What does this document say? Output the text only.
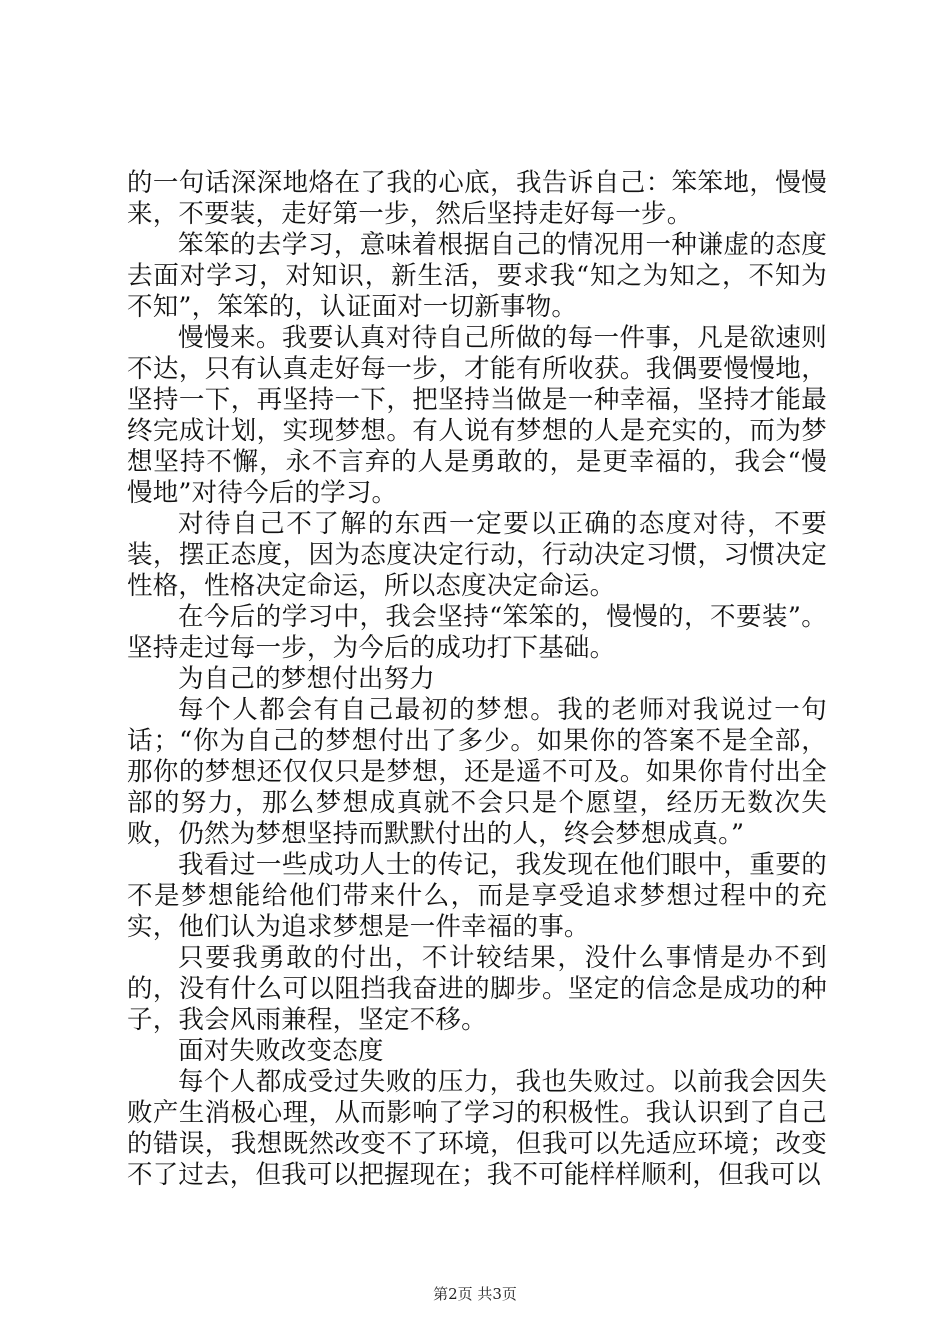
的一句话深深地烙在了我的心底，我告诉自己：笨笨地，慢慢来，不要装，走好第一步，然后坚持走好每一步。

笨笨的去学习，意味着根据自己的情况用一种谦虚的态度去面对学习，对知识，新生活，要求我“知之为知之，不知为不知”，笨笨的，认证面对一切新事物。

慢慢来。我要认真对待自己所做的每一件事，凡是欲速则不达，只有认真走好每一步，才能有所收获。我偶要慢慢地，坚持一下，再坚持一下，把坚持当做是一种幸福，坚持才能最终完成计划，实现梦想。有人说有梦想的人是充实的，而为梦想坚持不懈，永不言弃的人是勇敢的，是更幸福的，我会“慢慢地”对待今后的学习。

对待自己不了解的东西一定要以正确的态度对待，不要装，摆正态度，因为态度决定行动，行动决定习惯，习惯决定性格，性格决定命运，所以态度决定命运。

在今后的学习中，我会坚持“笨笨的，慢慢的，不要装”。坚持走过每一步，为今后的成功打下基础。

为自己的梦想付出努力

每个人都会有自己最初的梦想。我的老师对我说过一句话；“你为自己的梦想付出了多少。如果你的答案不是全部，那你的梦想还仅仅只是梦想，还是遥不可及。如果你肯付出全部的努力，那么梦想成真就不会只是个愿望，经历无数次失败，仍然为梦想坚持而默默付出的人，终会梦想成真。”

我看过一些成功人士的传记，我发现在他们眼中，重要的不是梦想能给他们带来什么，而是享受追求梦想过程中的充实，他们认为追求梦想是一件幸福的事。

只要我勇敢的付出，不计较结果，没什么事情是办不到的，没有什么可以阻挡我奋进的脚步。坚定的信念是成功的种子，我会风雨兼程，坚定不移。

面对失败改变态度

每个人都成受过失败的压力，我也失败过。以前我会因失败产生消极心理，从而影响了学习的积极性。我认识到了自己的错误，我想既然改变不了环境，但我可以先适应环境；改变不了过去，但我可以把握现在；我不可能样样顺利，但我可以

第2页 共3页
